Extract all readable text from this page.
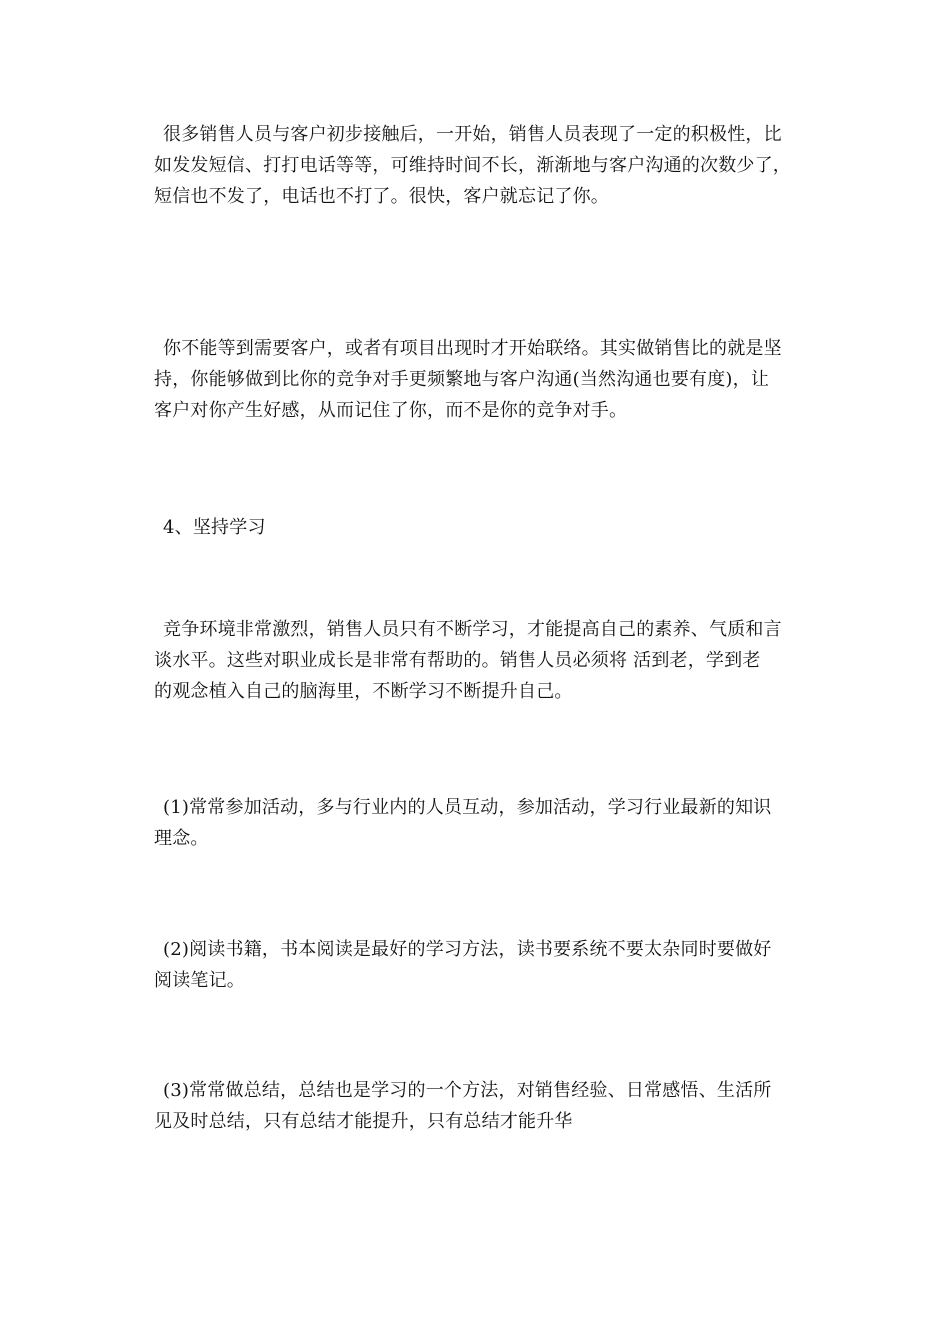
很多销售人员与客户初步接触后，一开始，销售人员表现了一定的积极性，比
如发发短信、打打电话等等，可维持时间不长，渐渐地与客户沟通的次数少了，
短信也不发了，电话也不打了。很快，客户就忘记了你。
你不能等到需要客户，或者有项目出现时才开始联络。其实做销售比的就是坚
持，你能够做到比你的竞争对手更频繁地与客户沟通(当然沟通也要有度)，让
客户对你产生好感，从而记住了你，而不是你的竞争对手。
4、坚持学习
竞争环境非常激烈，销售人员只有不断学习，才能提高自己的素养、气质和言
谈水平。这些对职业成长是非常有帮助的。销售人员必须将 活到老，学到老
的观念植入自己的脑海里，不断学习不断提升自己。
(1)常常参加活动，多与行业内的人员互动，参加活动，学习行业最新的知识
理念。
(2)阅读书籍，书本阅读是最好的学习方法，读书要系统不要太杂同时要做好
阅读笔记。
(3)常常做总结，总结也是学习的一个方法，对销售经验、日常感悟、生活所
见及时总结，只有总结才能提升，只有总结才能升华
